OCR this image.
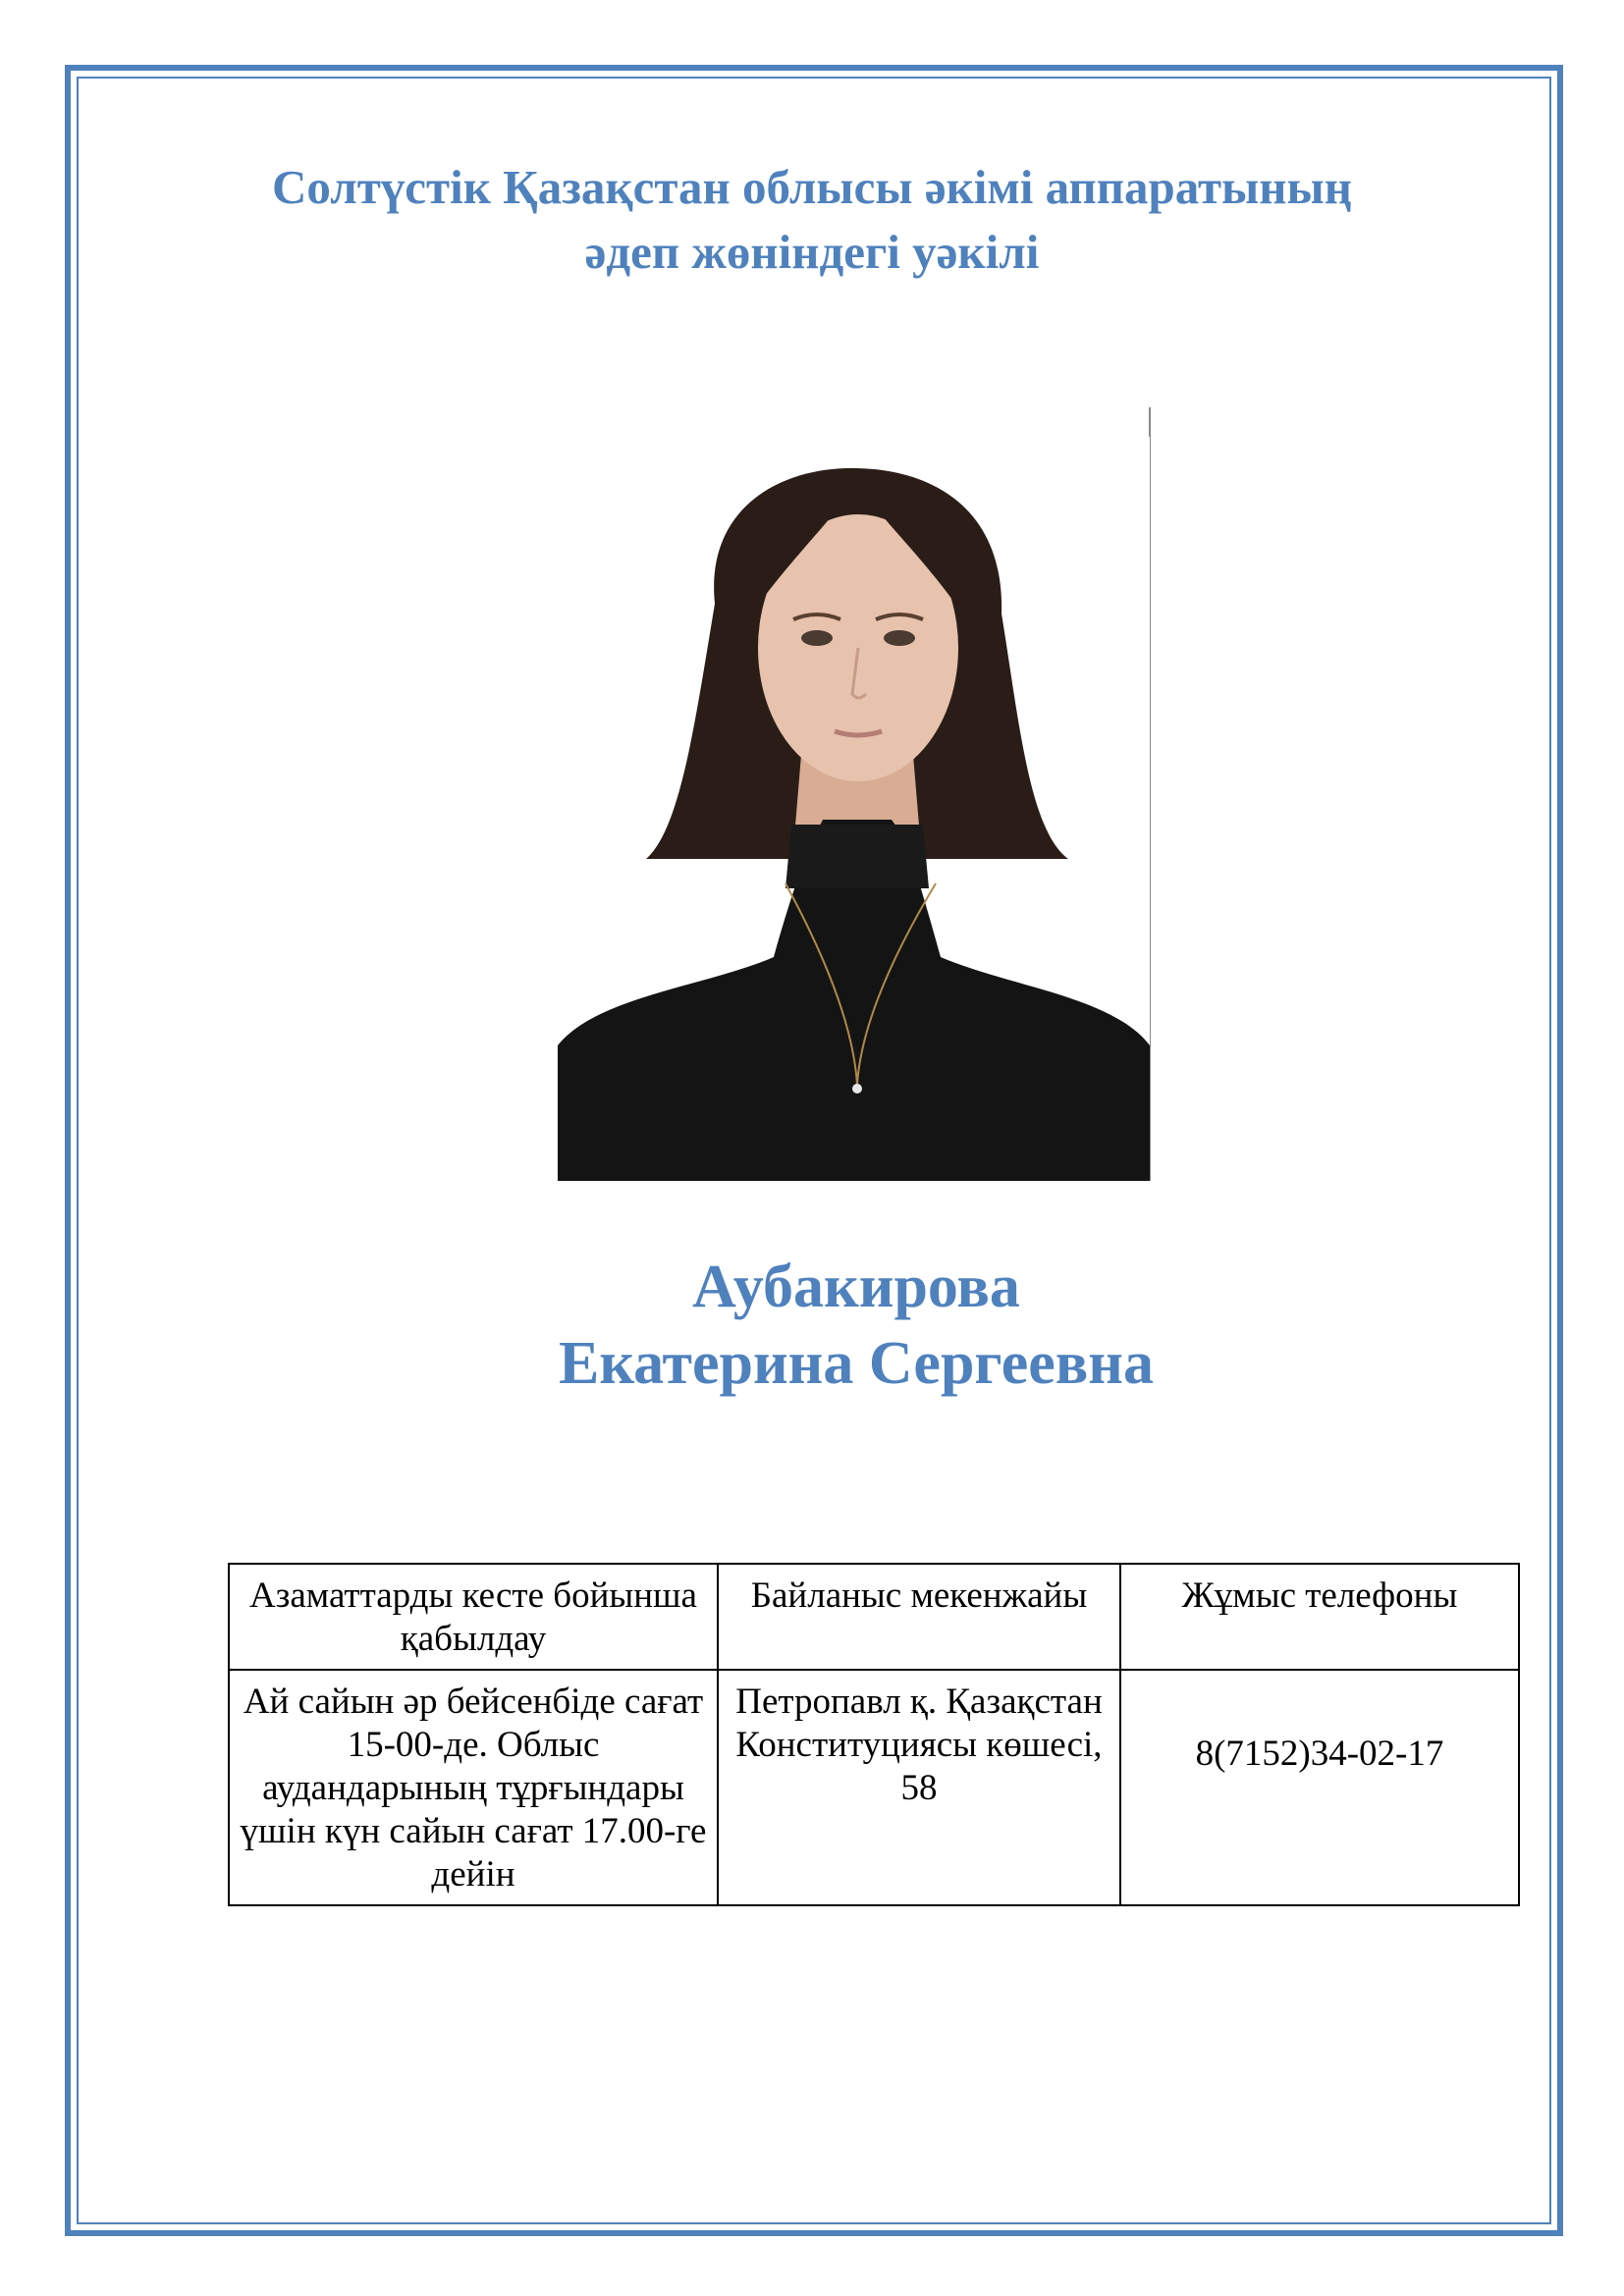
Солтүстік Қазақстан облысы әкімі аппаратының
әдеп жөніндегі уәкілі
Аубакирова
Екатерина Сергеевна
Азаматтарды кесте бойынша қабылдау	Байланыс мекенжайы	Жұмыс телефоны
Ай сайын әр бейсенбіде сағат 15-00-де. Облыс аудандарының тұрғындары үшін күн сайын сағат 17.00-ге дейін	Петропавл қ. Қазақстан Конституциясы көшесі, 58	8(7152)34-02-17
